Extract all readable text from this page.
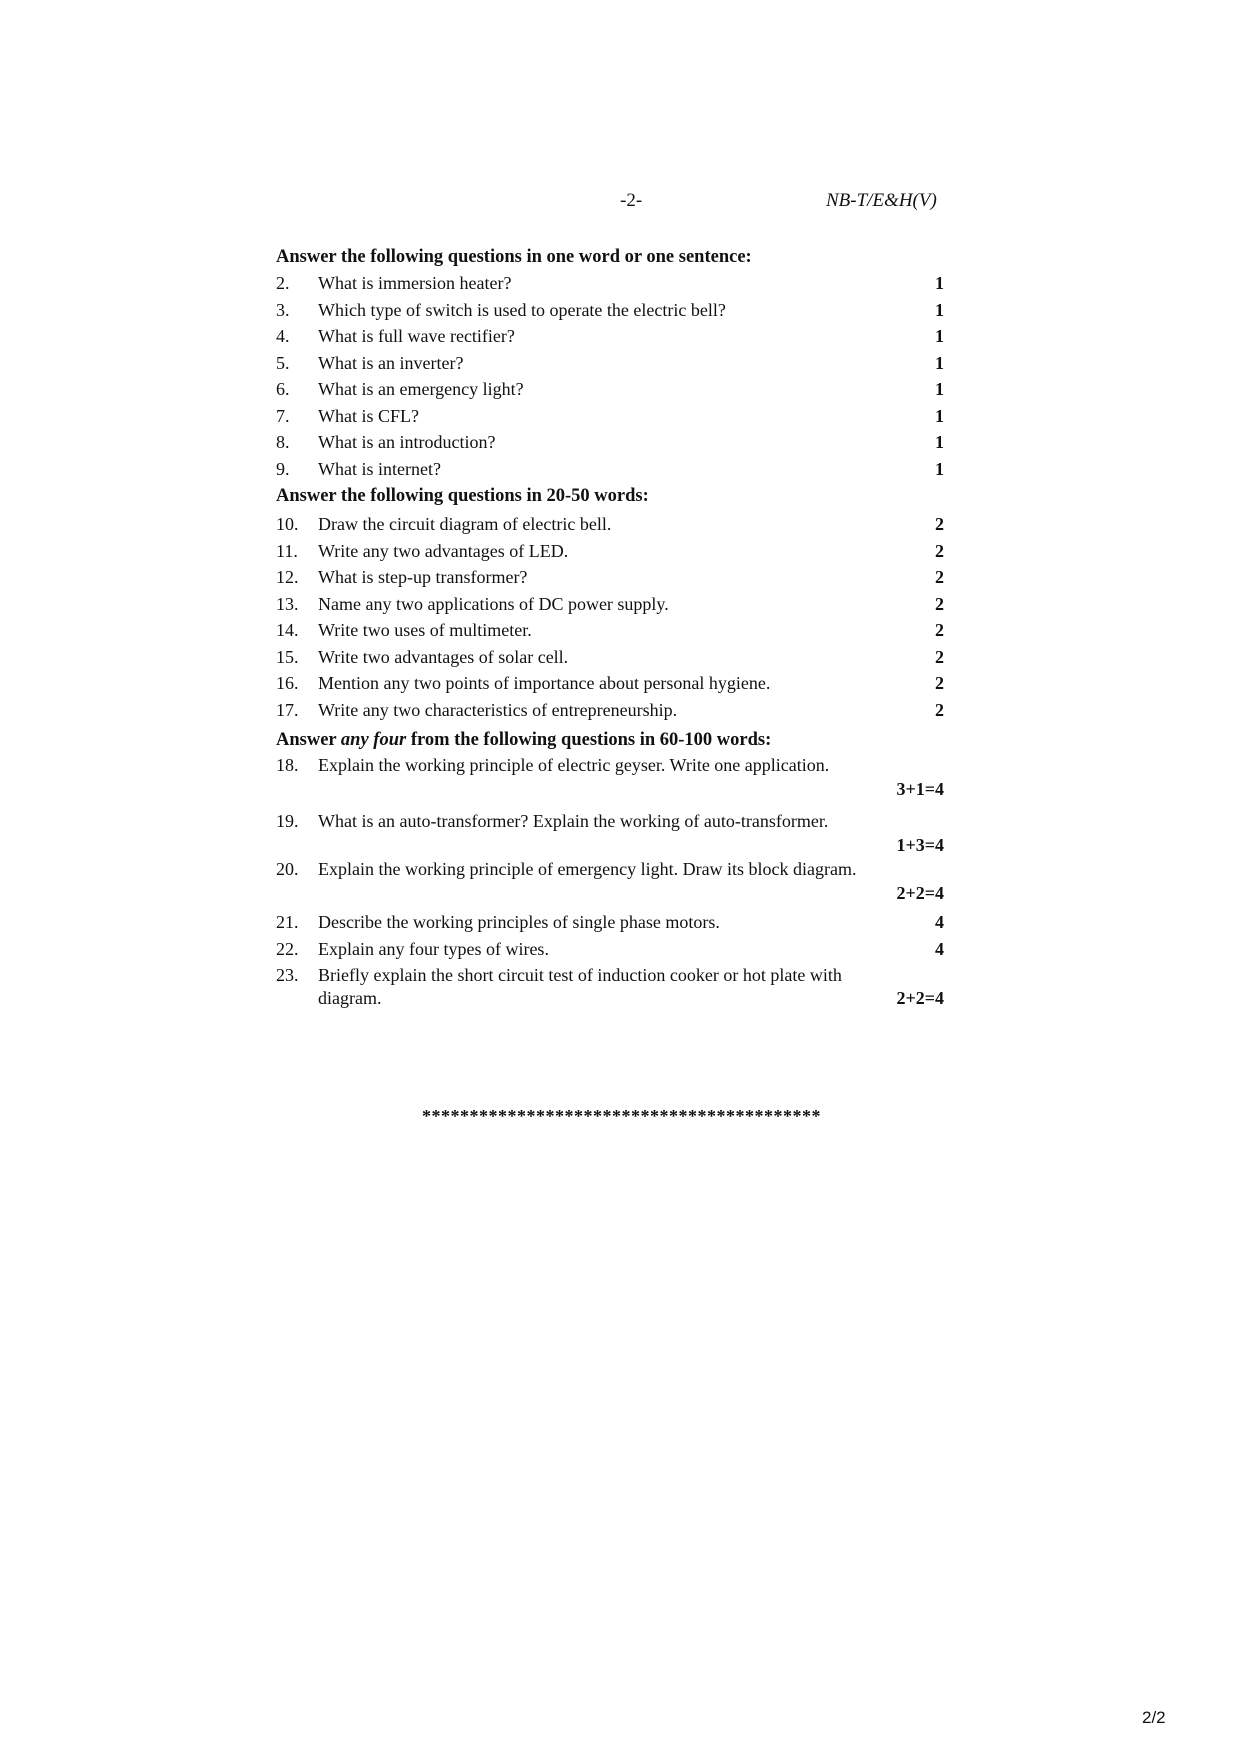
-2-	NB-T/E&H(V)
Answer the following questions in one word or one sentence:
2.	What is immersion heater?	1
3.	Which type of switch is used to operate the electric bell?	1
4.	What is full wave rectifier?	1
5.	What is an inverter?	1
6.	What is an emergency light?	1
7.	What is CFL?	1
8.	What is an introduction?	1
9.	What is internet?	1
Answer the following questions in 20-50 words:
10.	Draw the circuit diagram of electric bell.	2
11.	Write any two advantages of LED.	2
12.	What is step-up transformer?	2
13.	Name any two applications of DC power supply.	2
14.	Write two uses of multimeter.	2
15.	Write two advantages of solar cell.	2
16.	Mention any two points of importance about personal hygiene.	2
17.	Write any two characteristics of entrepreneurship.	2
Answer any four from the following questions in 60-100 words:
18.	Explain the working principle of electric geyser. Write one application.
3+1=4
19.	What is an auto-transformer? Explain the working of auto-transformer.
1+3=4
20.	Explain the working principle of emergency light. Draw its block diagram.
2+2=4
21.	Describe the working principles of single phase motors.	4
22.	Explain any four types of wires.	4
23.	Briefly explain the short circuit test of induction cooker or hot plate with
diagram.	2+2=4
******************************************
2/2
